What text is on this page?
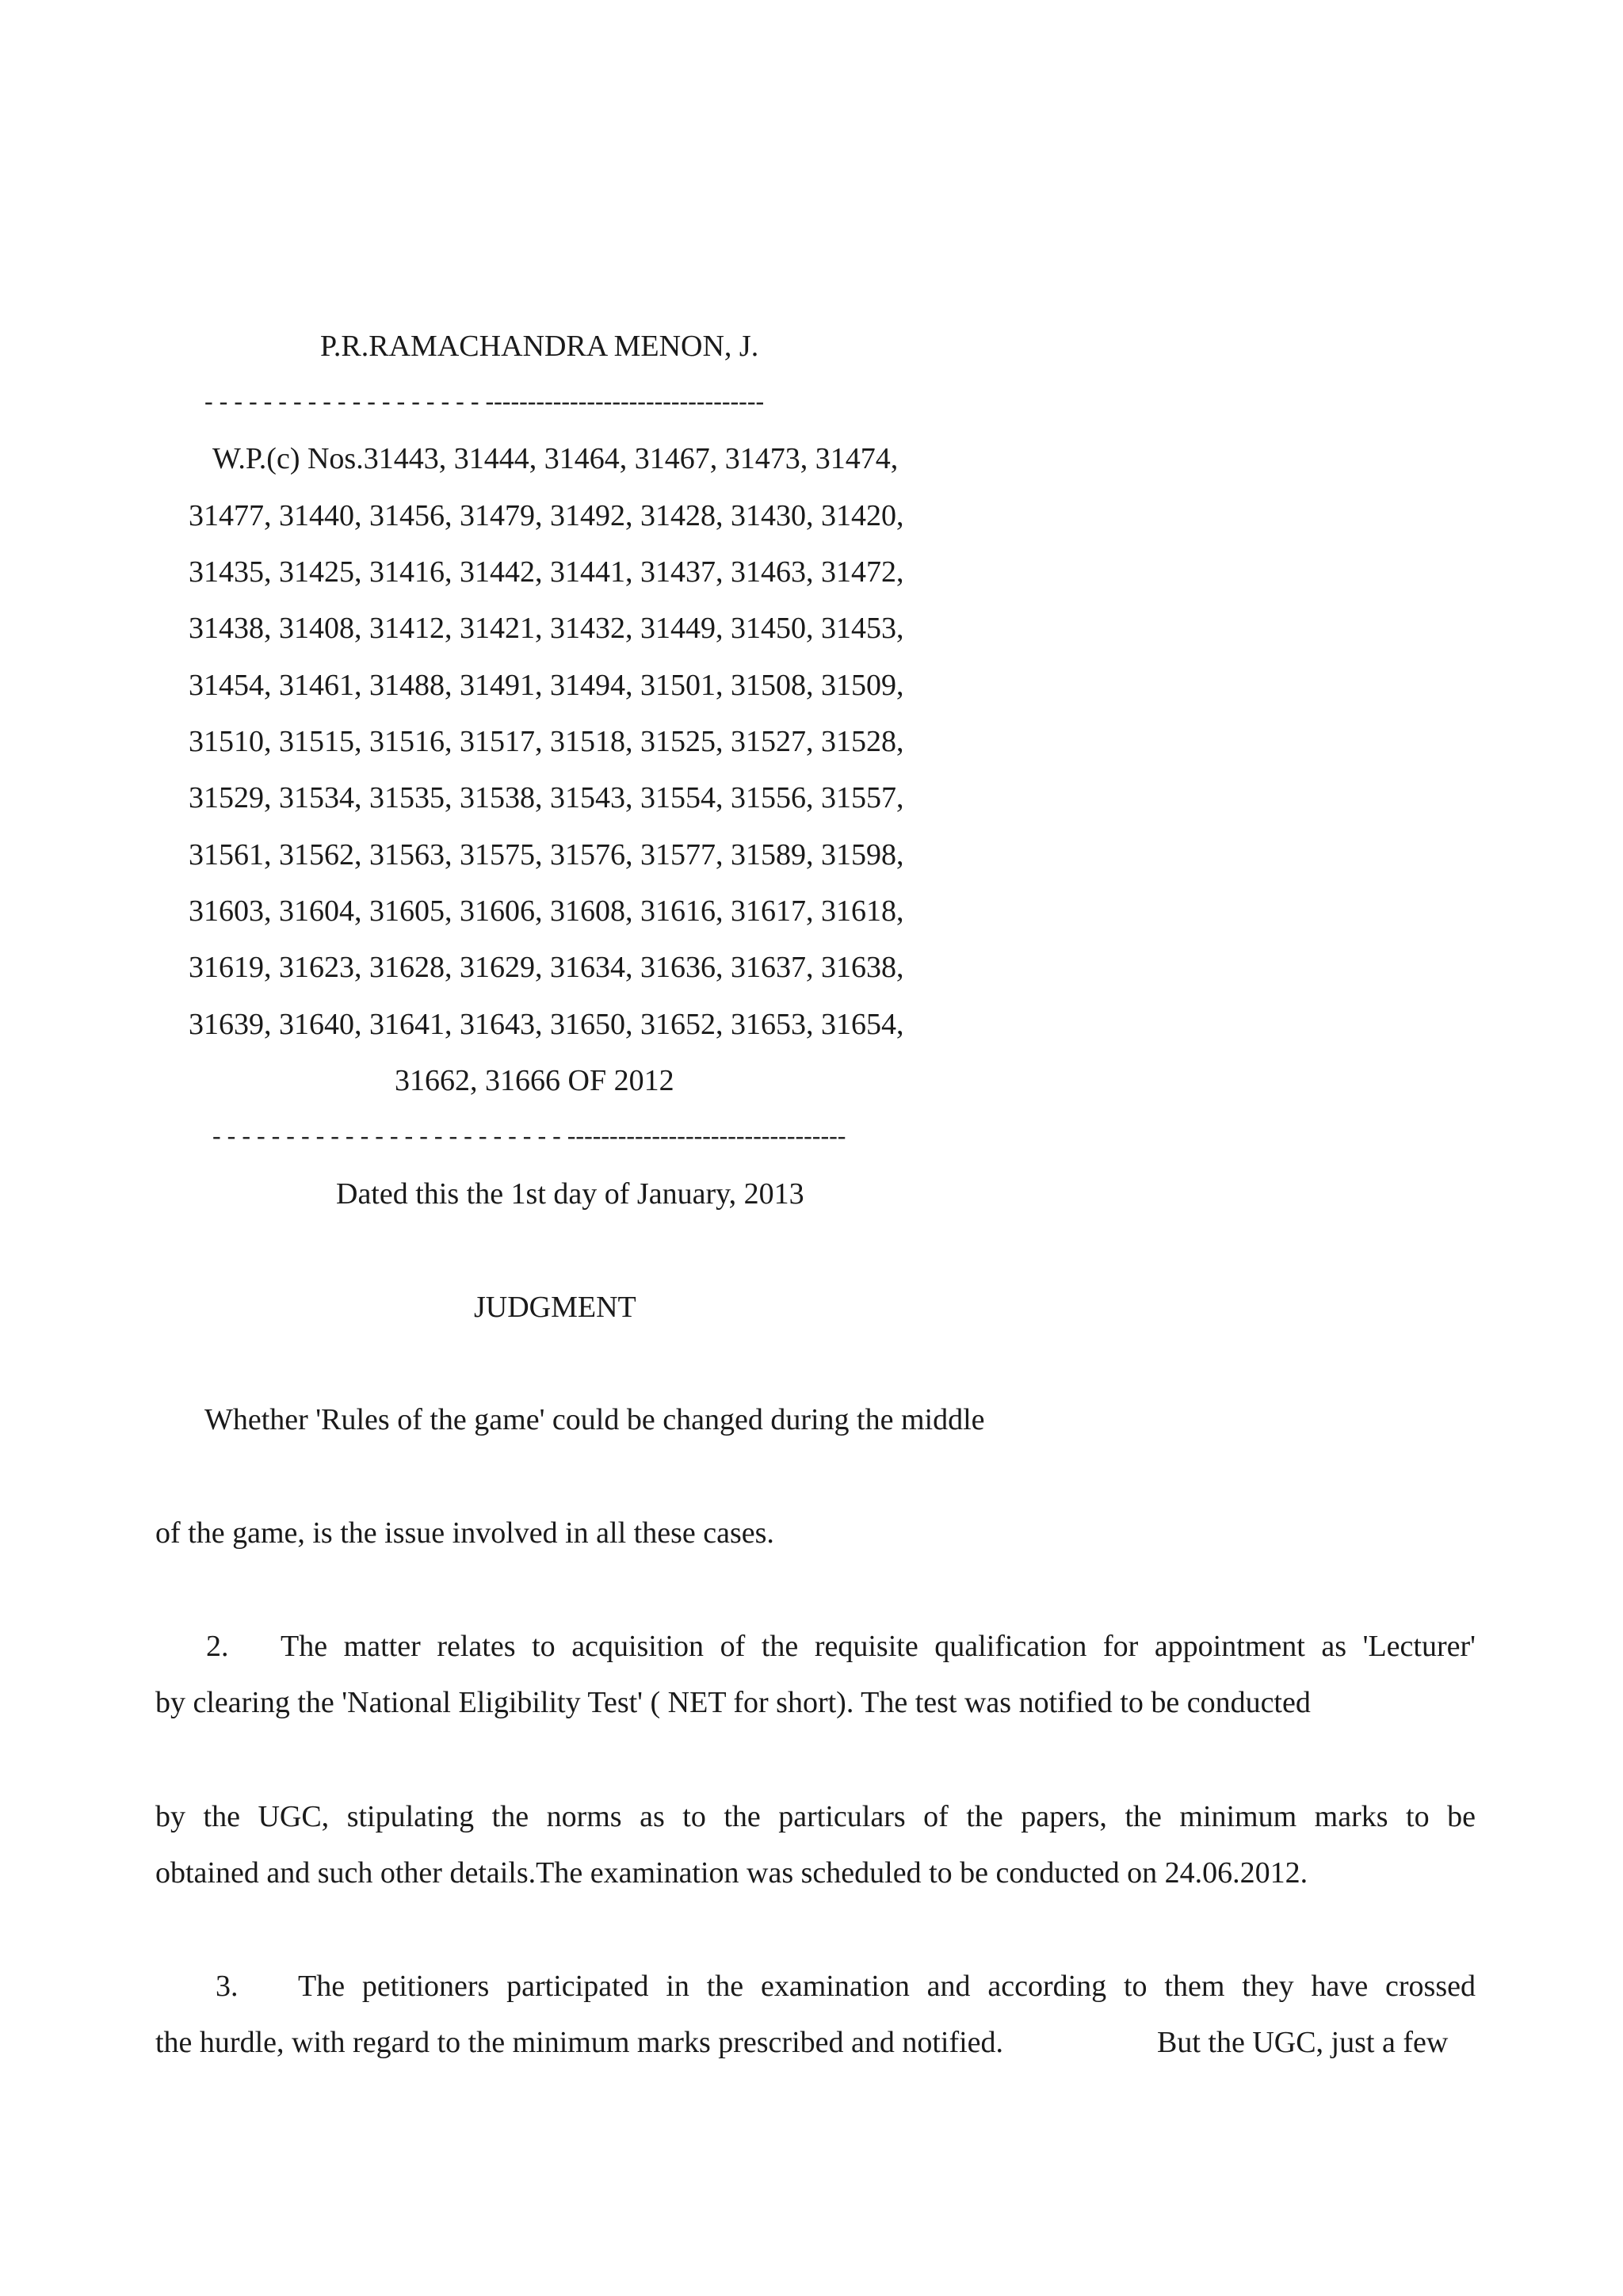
P.R.RAMACHANDRA MENON, J.
- - - - - - - - - - - - - - - - - - - ---------------------------------
W.P.(c) Nos.31443, 31444, 31464, 31467, 31473, 31474,
31477, 31440, 31456, 31479, 31492, 31428, 31430, 31420,
31435, 31425, 31416, 31442, 31441, 31437, 31463, 31472,
31438, 31408, 31412, 31421, 31432, 31449, 31450, 31453,
31454, 31461, 31488, 31491, 31494, 31501, 31508, 31509,
31510, 31515, 31516, 31517, 31518, 31525, 31527, 31528,
31529, 31534, 31535, 31538, 31543, 31554, 31556, 31557,
31561, 31562, 31563, 31575, 31576, 31577, 31589, 31598,
31603, 31604, 31605, 31606, 31608, 31616, 31617, 31618,
31619, 31623, 31628, 31629, 31634, 31636, 31637, 31638,
31639, 31640, 31641, 31643, 31650, 31652, 31653, 31654,
31662, 31666 OF 2012
- - - - - - - - - - - - - - - - - - - - - - - - ---------------------------------
Dated this the 1st day of January, 2013
JUDGMENT
Whether 'Rules of the game' could be changed during the middle
of the game, is the issue involved in all these cases.
2. The matter relates to acquisition of the requisite qualification for appointment as 'Lecturer'
by clearing the 'National Eligibility Test' ( NET for short). The test was notified to be conducted
by the UGC, stipulating the norms as to the particulars of the papers, the minimum marks to be
obtained and such other details.The examination was scheduled to be conducted on 24.06.2012.
3. The petitioners participated in the examination and according to them they have crossed
the hurdle, with regard to the minimum marks prescribed and notified.	But the UGC, just a few
